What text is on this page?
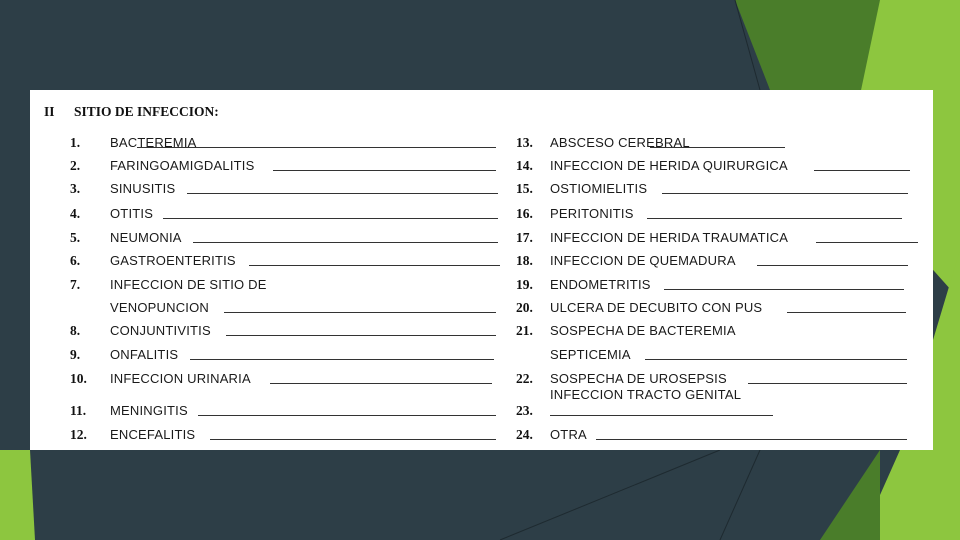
II SITIO DE INFECCION:
1. BACTEREMIA
2. FARINGOAMIGDALITIS
3. SINUSITIS
4. OTITIS
5. NEUMONIA
6. GASTROENTERITIS
7. INFECCION DE SITIO DE
VENOPUNCION
8. CONJUNTIVITIS
9. ONFALITIS
10. INFECCION URINARIA
11. MENINGITIS
12. ENCEFALITIS
13. ABSCESO CEREBRAL
14. INFECCION DE HERIDA QUIRURGICA
15. OSTIOMIELITIS
16. PERITONITIS
17. INFECCION DE HERIDA TRAUMATICA
18. INFECCION DE QUEMADURA
19. ENDOMETRITIS
20. ULCERA DE DECUBITO CON PUS
21. SOSPECHA DE BACTEREMIA
SEPTICEMIA
22. SOSPECHA DE UROSEPSIS
INFECCION TRACTO GENITAL
23.
24. OTRA
